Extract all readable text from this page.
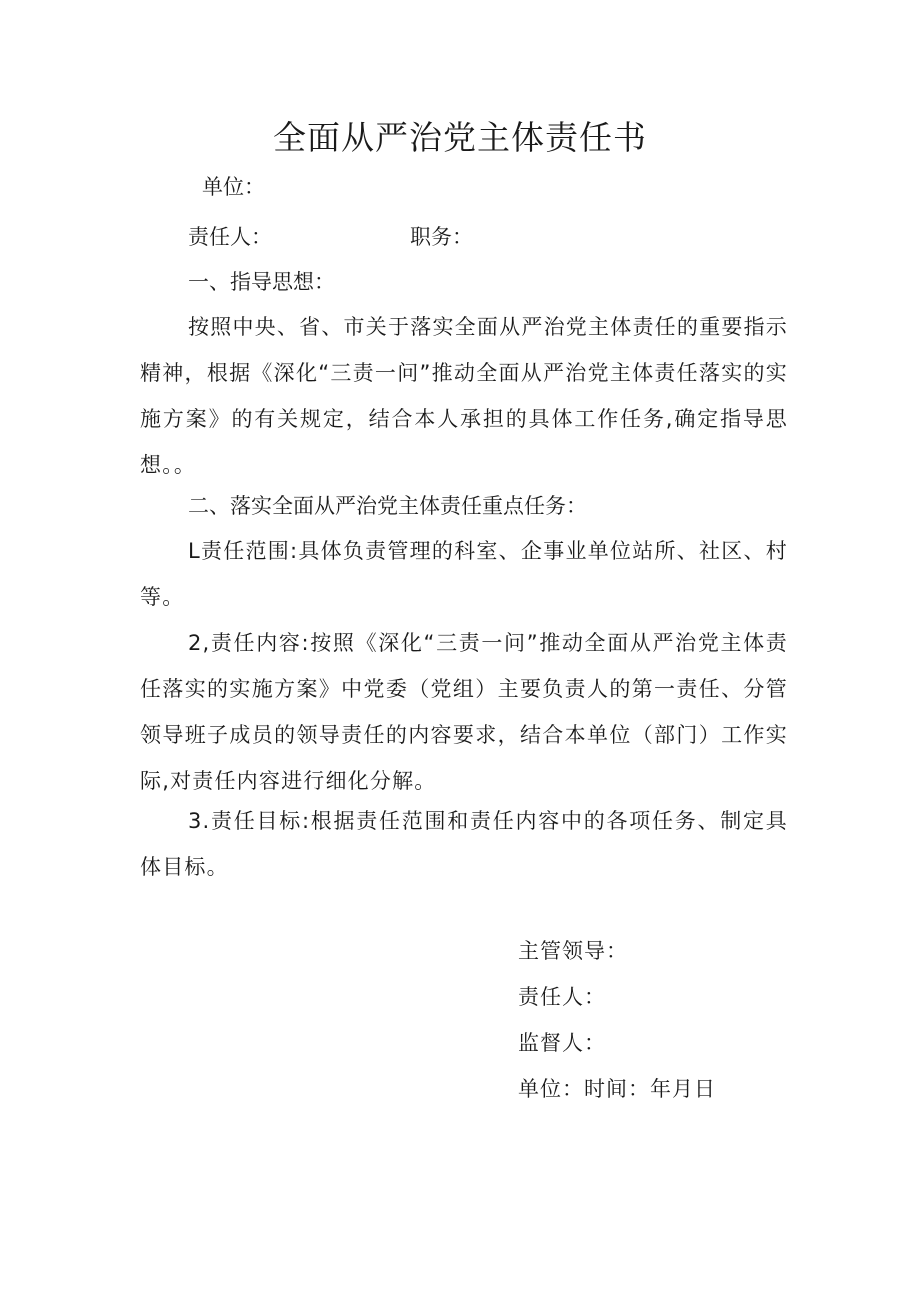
全面从严治党主体责任书
单位：
责任人：	职务：
一、指导思想：
按照中央、省、市关于落实全面从严治党主体责任的重要指示精神，根据《深化“三责一问”推动全面从严治党主体责任落实的实施方案》的有关规定，结合本人承担的具体工作任务,确定指导思想。。
二、落实全面从严治党主体责任重点任务：
L责任范围:具体负责管理的科室、企事业单位站所、社区、村等。
2,责任内容:按照《深化“三责一问”推动全面从严治党主体责任落实的实施方案》中党委（党组）主要负责人的第一责任、分管领导班子成员的领导责任的内容要求，结合本单位（部门）工作实际,对责任内容进行细化分解。
3.责任目标:根据责任范围和责任内容中的各项任务、制定具体目标。
主管领导：
责任人：
监督人：
单位：时间：年月日
